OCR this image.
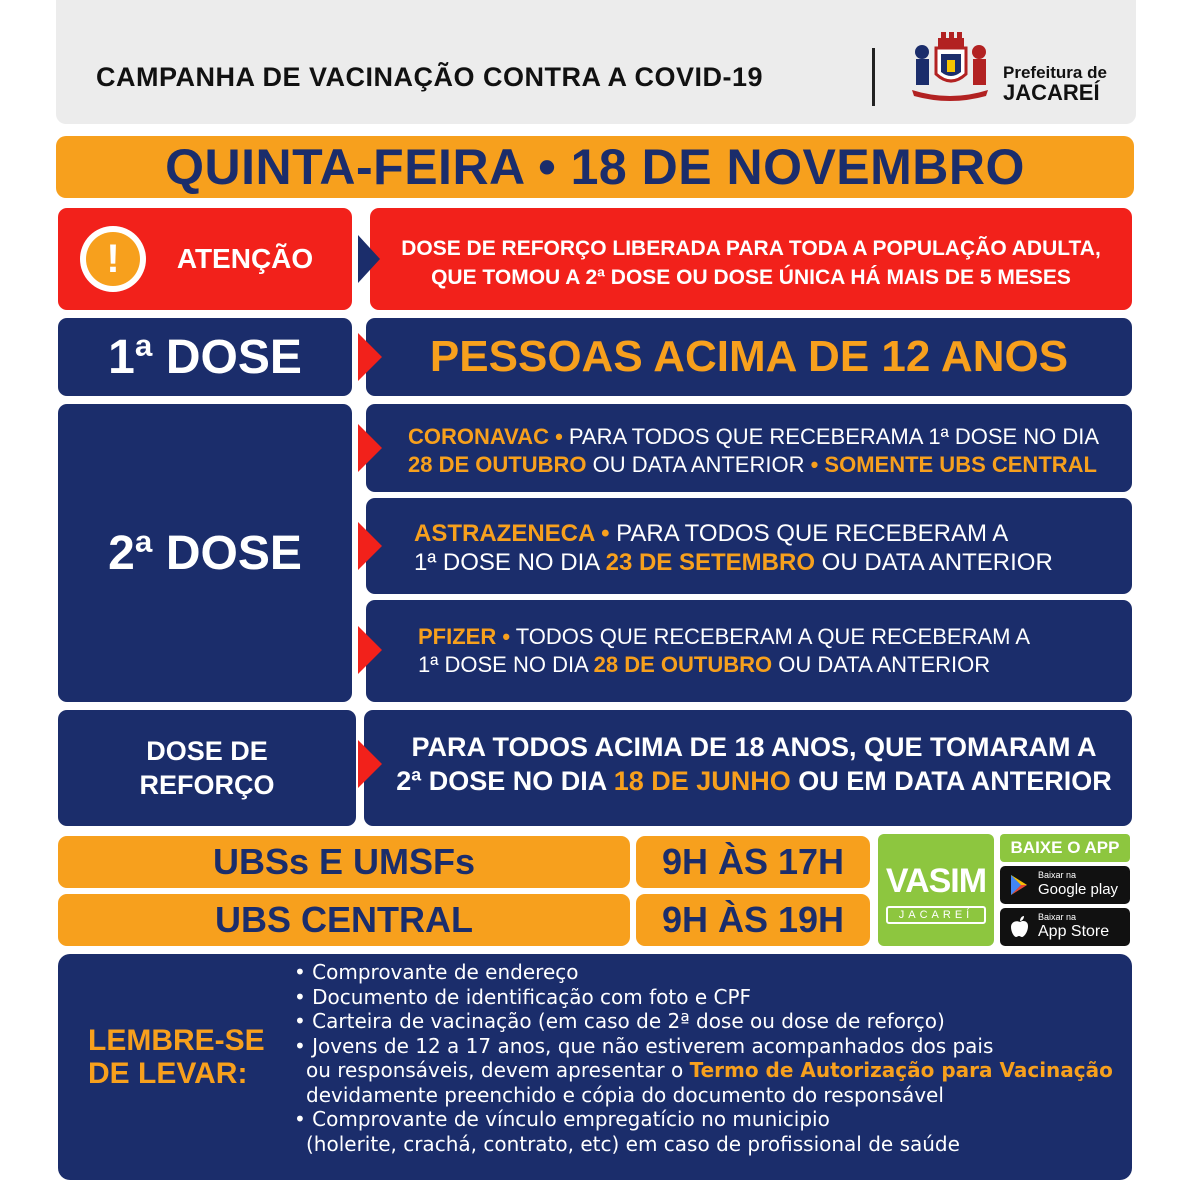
CAMPANHA DE VACINAÇÃO CONTRA A COVID-19	Prefeitura de
JACAREÍ
QUINTA-FEIRA • 18 DE NOVEMBRO
!	ATENÇÃO	DOSE DE REFORÇO LIBERADA PARA TODA A POPULAÇÃO ADULTA,
QUE TOMOU A 2ª DOSE OU DOSE ÚNICA HÁ MAIS DE 5 MESES
1ª DOSE	PESSOAS ACIMA DE 12 ANOS
2ª DOSE
CORONAVAC • PARA TODOS QUE RECEBERAMA 1ª DOSE NO DIA
28 DE OUTUBRO OU DATA ANTERIOR • SOMENTE UBS CENTRAL
ASTRAZENECA • PARA TODOS QUE RECEBERAM A
1ª DOSE NO DIA 23 DE SETEMBRO OU DATA ANTERIOR
PFIZER • TODOS QUE RECEBERAM A QUE RECEBERAM A
1ª DOSE NO DIA 28 DE OUTUBRO OU DATA ANTERIOR
DOSE DE
REFORÇO
PARA TODOS ACIMA DE 18 ANOS, QUE TOMARAM A
2ª DOSE NO DIA 18 DE JUNHO OU EM DATA ANTERIOR
UBSs E UMSFs	9H ÀS 17H
UBS CENTRAL	9H ÀS 19H
VASIM
JACAREÍ
BAIXE O APP
Baixar na
Google play
Baixar na
App Store
LEMBRE-SE
DE LEVAR:
• Comprovante de endereço
• Documento de identificação com foto e CPF
• Carteira de vacinação (em caso de 2ª dose ou dose de reforço)
• Jovens de 12 a 17 anos, que não estiverem acompanhados dos pais
ou responsáveis, devem apresentar o Termo de Autorização para Vacinação
devidamente preenchido e cópia do documento do responsável
• Comprovante de vínculo empregatício no municipio
(holerite, crachá, contrato, etc) em caso de profissional de saúde
